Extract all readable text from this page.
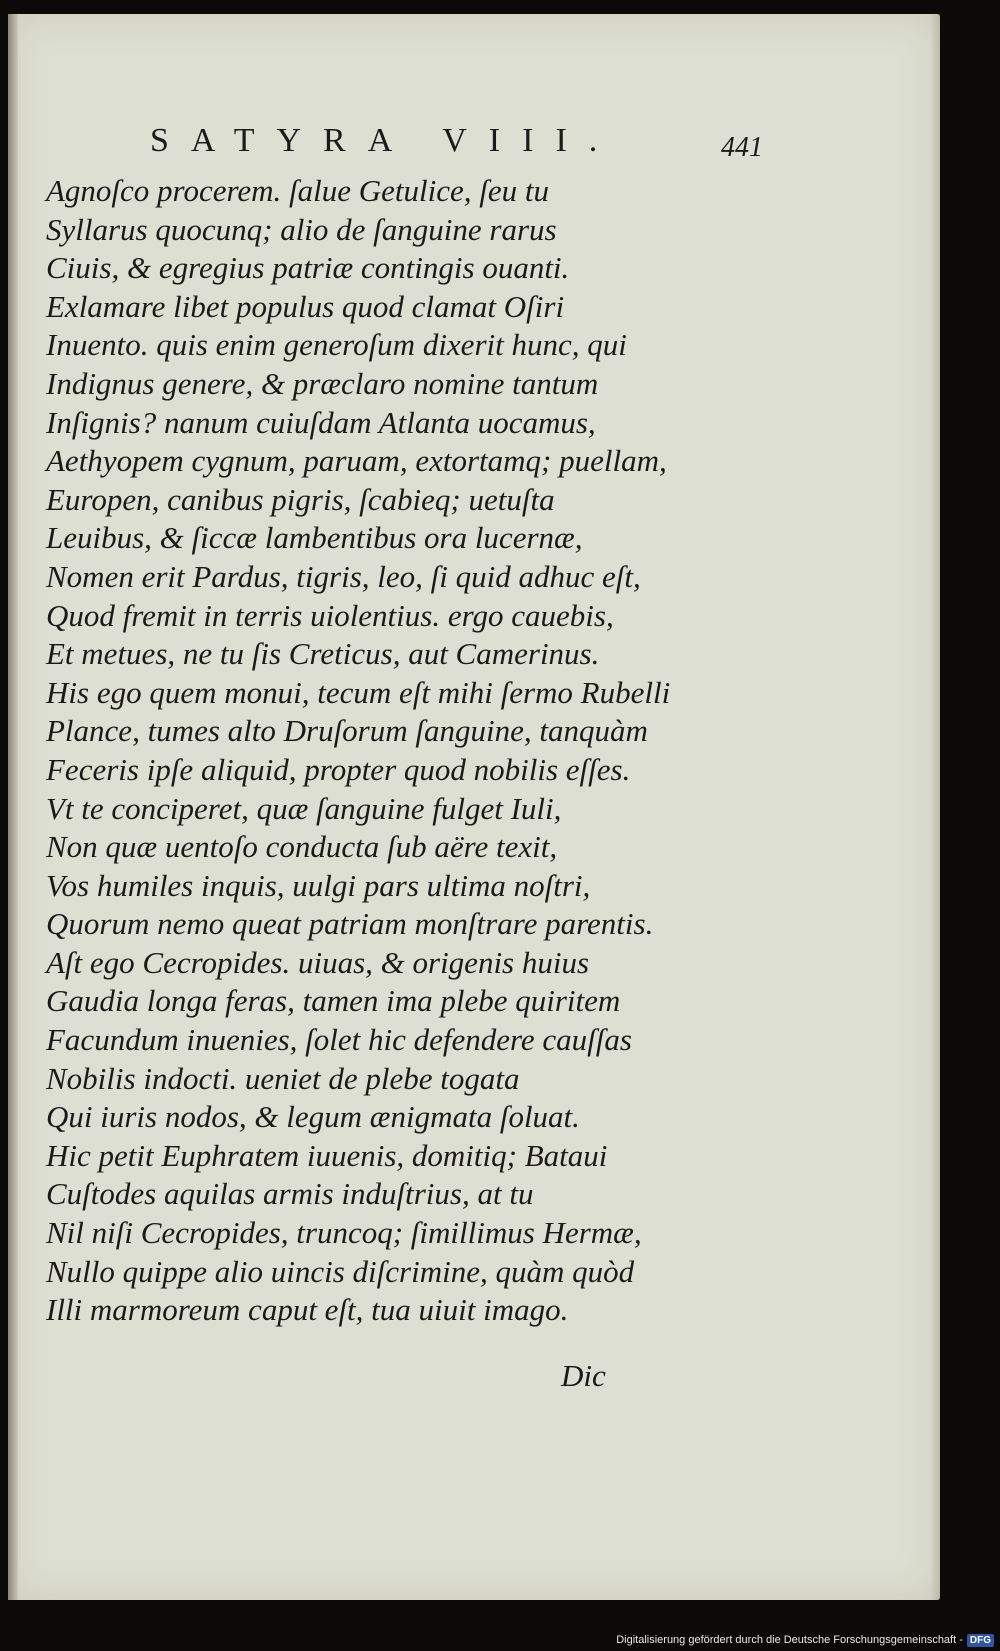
SATYRA VIII.	441
Agnoſco procerem. ſalue Getulice, ſeu tu
Syllarus quocunq; alio de ſanguine rarus
Ciuis, & egregius patriæ contingis ouanti.
Exlamare libet populus quod clamat Oſiri
Inuento. quis enim generoſum dixerit hunc, qui
Indignus genere, & præclaro nomine tantum
Inſignis? nanum cuiuſdam Atlanta uocamus,
Aethyopem cygnum, paruam, extortamq; puellam,
Europen, canibus pigris, ſcabieq; uetuſta
Leuibus, & ſiccæ lambentibus ora lucernæ,
Nomen erit Pardus, tigris, leo, ſi quid adhuc eſt,
Quod fremit in terris uiolentius. ergo cauebis,
Et metues, ne tu ſis Creticus, aut Camerinus.
His ego quem monui, tecum eſt mihi ſermo Rubelli
Plance, tumes alto Druſorum ſanguine, tanquàm
Feceris ipſe aliquid, propter quod nobilis eſſes.
Vt te conciperet, quæ ſanguine fulget Iuli,
Non quæ uentoſo conducta ſub aëre texit,
Vos humiles inquis, uulgi pars ultima noſtri,
Quorum nemo queat patriam monſtrare parentis.
Aſt ego Cecropides. uiuas, & origenis huius
Gaudia longa feras, tamen ima plebe quiritem
Facundum inuenies, ſolet hic defendere cauſſas
Nobilis indocti. ueniet de plebe togata
Qui iuris nodos, & legum ænigmata ſoluat.
Hic petit Euphratem iuuenis, domitiq; Bataui
Cuſtodes aquilas armis induſtrius, at tu
Nil niſi Cecropides, truncoq; ſimillimus Hermæ,
Nullo quippe alio uincis diſcrimine, quàm quòd
Illi marmoreum caput eſt, tua uiuit imago.
Dic
Digitalisierung gefördert durch die Deutsche Forschungsgemeinschaft - DFG
